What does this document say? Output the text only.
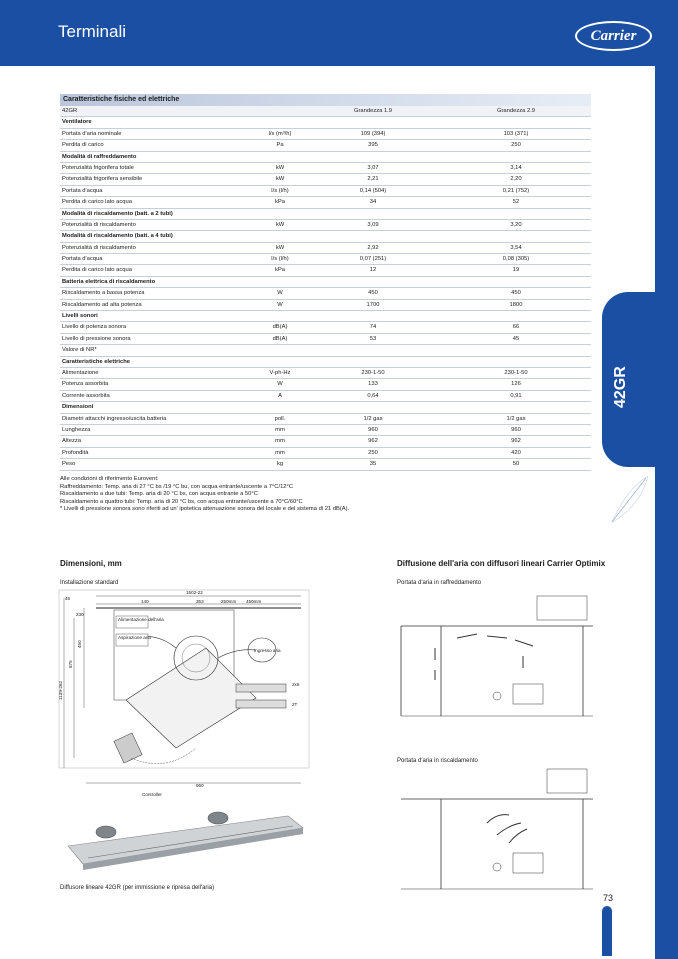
Terminali	Carrier
42GR
73
Caratteristiche fisiche ed elettriche
42GR	Grandezza 1.9	Grandezza 2.9
Ventilatore
Portata d'aria nominale	l/s (m³/h)	109 (394)	103 (371)
Perdita di carico	Pa	395	250
Modalità di raffreddamento
Potenzialità frigorifera totale	kW	3,07	3,14
Potenzialità frigorifera sensibile	kW	2,21	2,20
Portata d'acqua	l/s (l/h)	0,14 (504)	0,21 (752)
Perdita di carico lato acqua	kPa	34	52
Modalità di riscaldamento (batt. a 2 tubi)
Potenzialità di riscaldamento	kW	3,09	3,20
Modalità di riscaldamento (batt. a 4 tubi)
Potenzialità di riscaldamento	kW	2,92	3,54
Portata d'acqua	l/s (l/h)	0,07 (251)	0,08 (305)
Perdita di carico lato acqua	kPa	12	19
Batteria elettrica di riscaldamento
Riscaldamento a bassa potenza	W	450	450
Riscaldamento ad alta potenza	W	1700	1800
Livelli sonori
Livello di potenza sonora	dB(A)	74	66
Livello di pressione sonora	dB(A)	53	45
Valore di NR*
Caratteristiche elettriche
Alimentazione	V-ph-Hz	230-1-50	230-1-50
Potenza assorbita	W	133	126
Corrente assorbita	A	0,64	0,91
Dimensioni
Diametri attacchi ingresso/uscita batteria	poll.	1/2 gas	1/2 gas
Lunghezza	mm	960	960
Altezza	mm	962	962
Profondità	mm	250	420
Peso	kg	35	50
Alle condizioni di riferimento Eurovent:
Raffreddamento: Temp. aria di 27 °C bs /19 °C bu, con acqua entrante/uscente a 7°C/12°C
Riscaldamento a due tubi: Temp. aria di 20 °C bs, con acqua entrante a 50°C
Riscaldamento a quattro tubi: Temp. aria di 20 °C bs, con acqua entrante/uscente a 70°C/60°C
* Livelli di pressione sonora sono riferiti ad un' ipotetica attenuazione sonora del locale e del sistema di 21 dB(A).
Dimensioni, mm
Installazione standard
1502-22
140	353	250mm 450mm
45
230
1139-262
875
450
960
Alimentazione dell'aria
Aspirazione aria
Ingresso aria
Controller
2x5
2T
Diffusore lineare 42GR (per immissione e ripresa dell'aria)
Diffusione dell'aria con diffusori lineari Carrier Optimix
Portata d'aria in raffreddamento
Portata d'aria in riscaldamento
